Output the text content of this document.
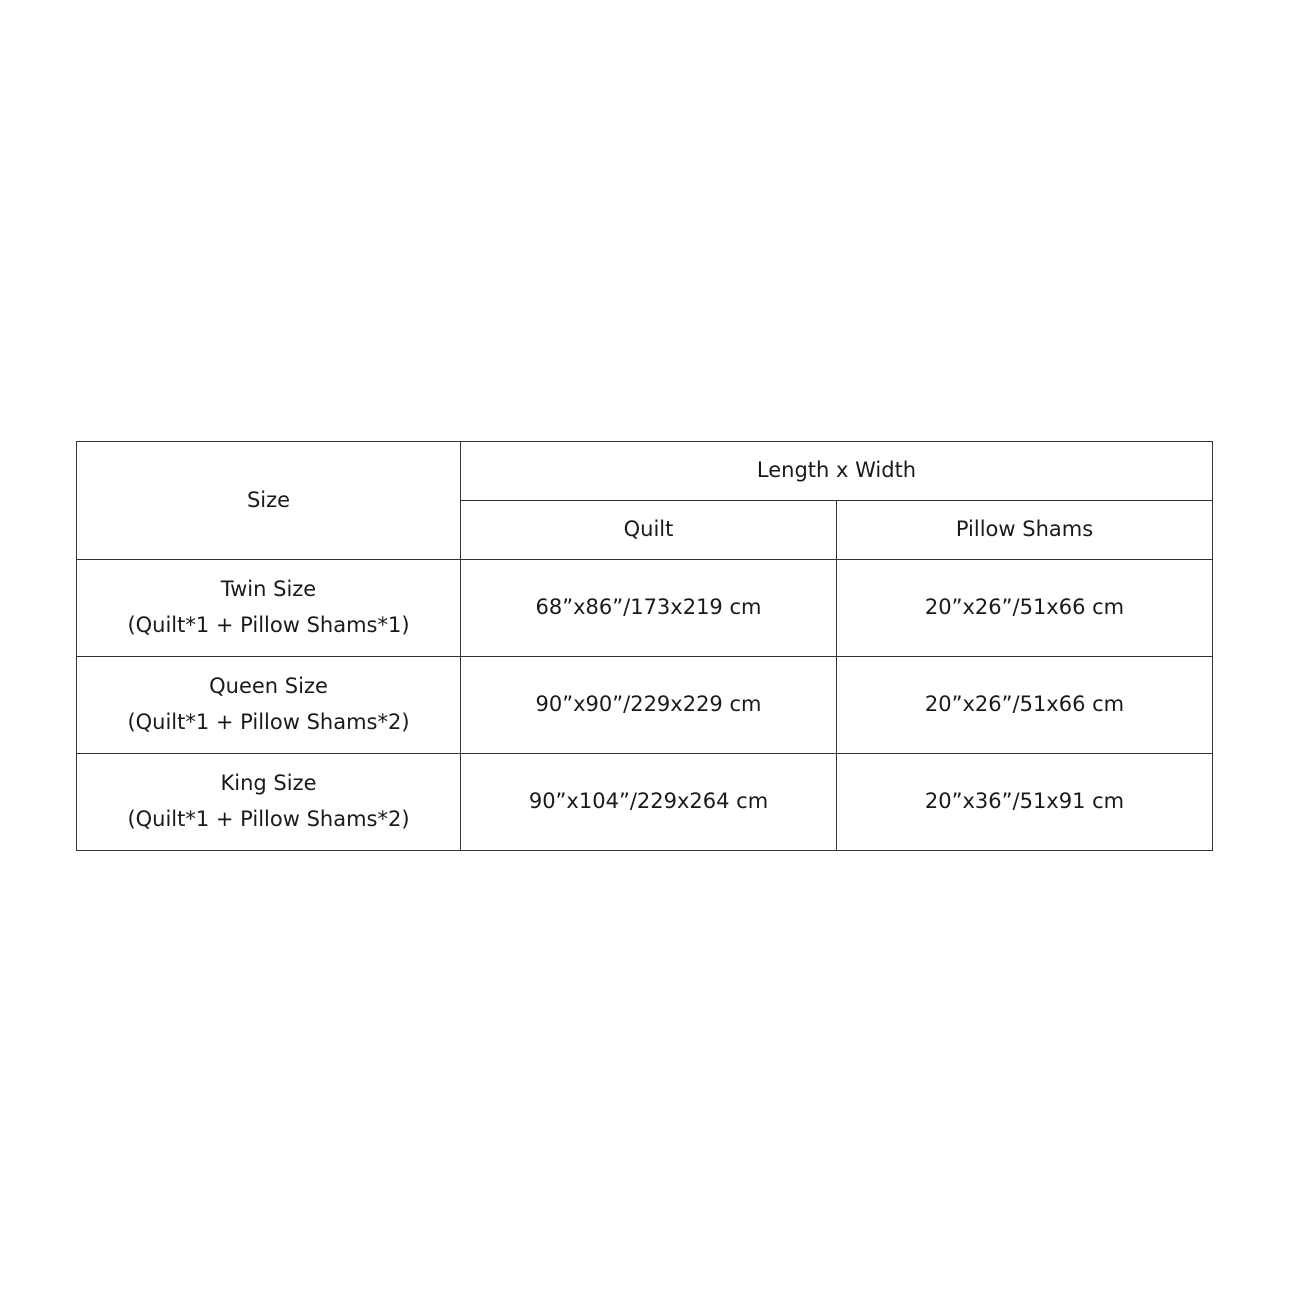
Size	Length x Width	
	Quilt	Pillow Shams

Twin Size
(Quilt*1 + Pillow Shams*1)	68”x86”/173x219 cm	20”x26”/51x66 cm

Queen Size
(Quilt*1 + Pillow Shams*2)	90”x90”/229x229 cm	20”x26”/51x66 cm

King Size
(Quilt*1 + Pillow Shams*2)	90”x104”/229x264 cm	20”x36”/51x91 cm
